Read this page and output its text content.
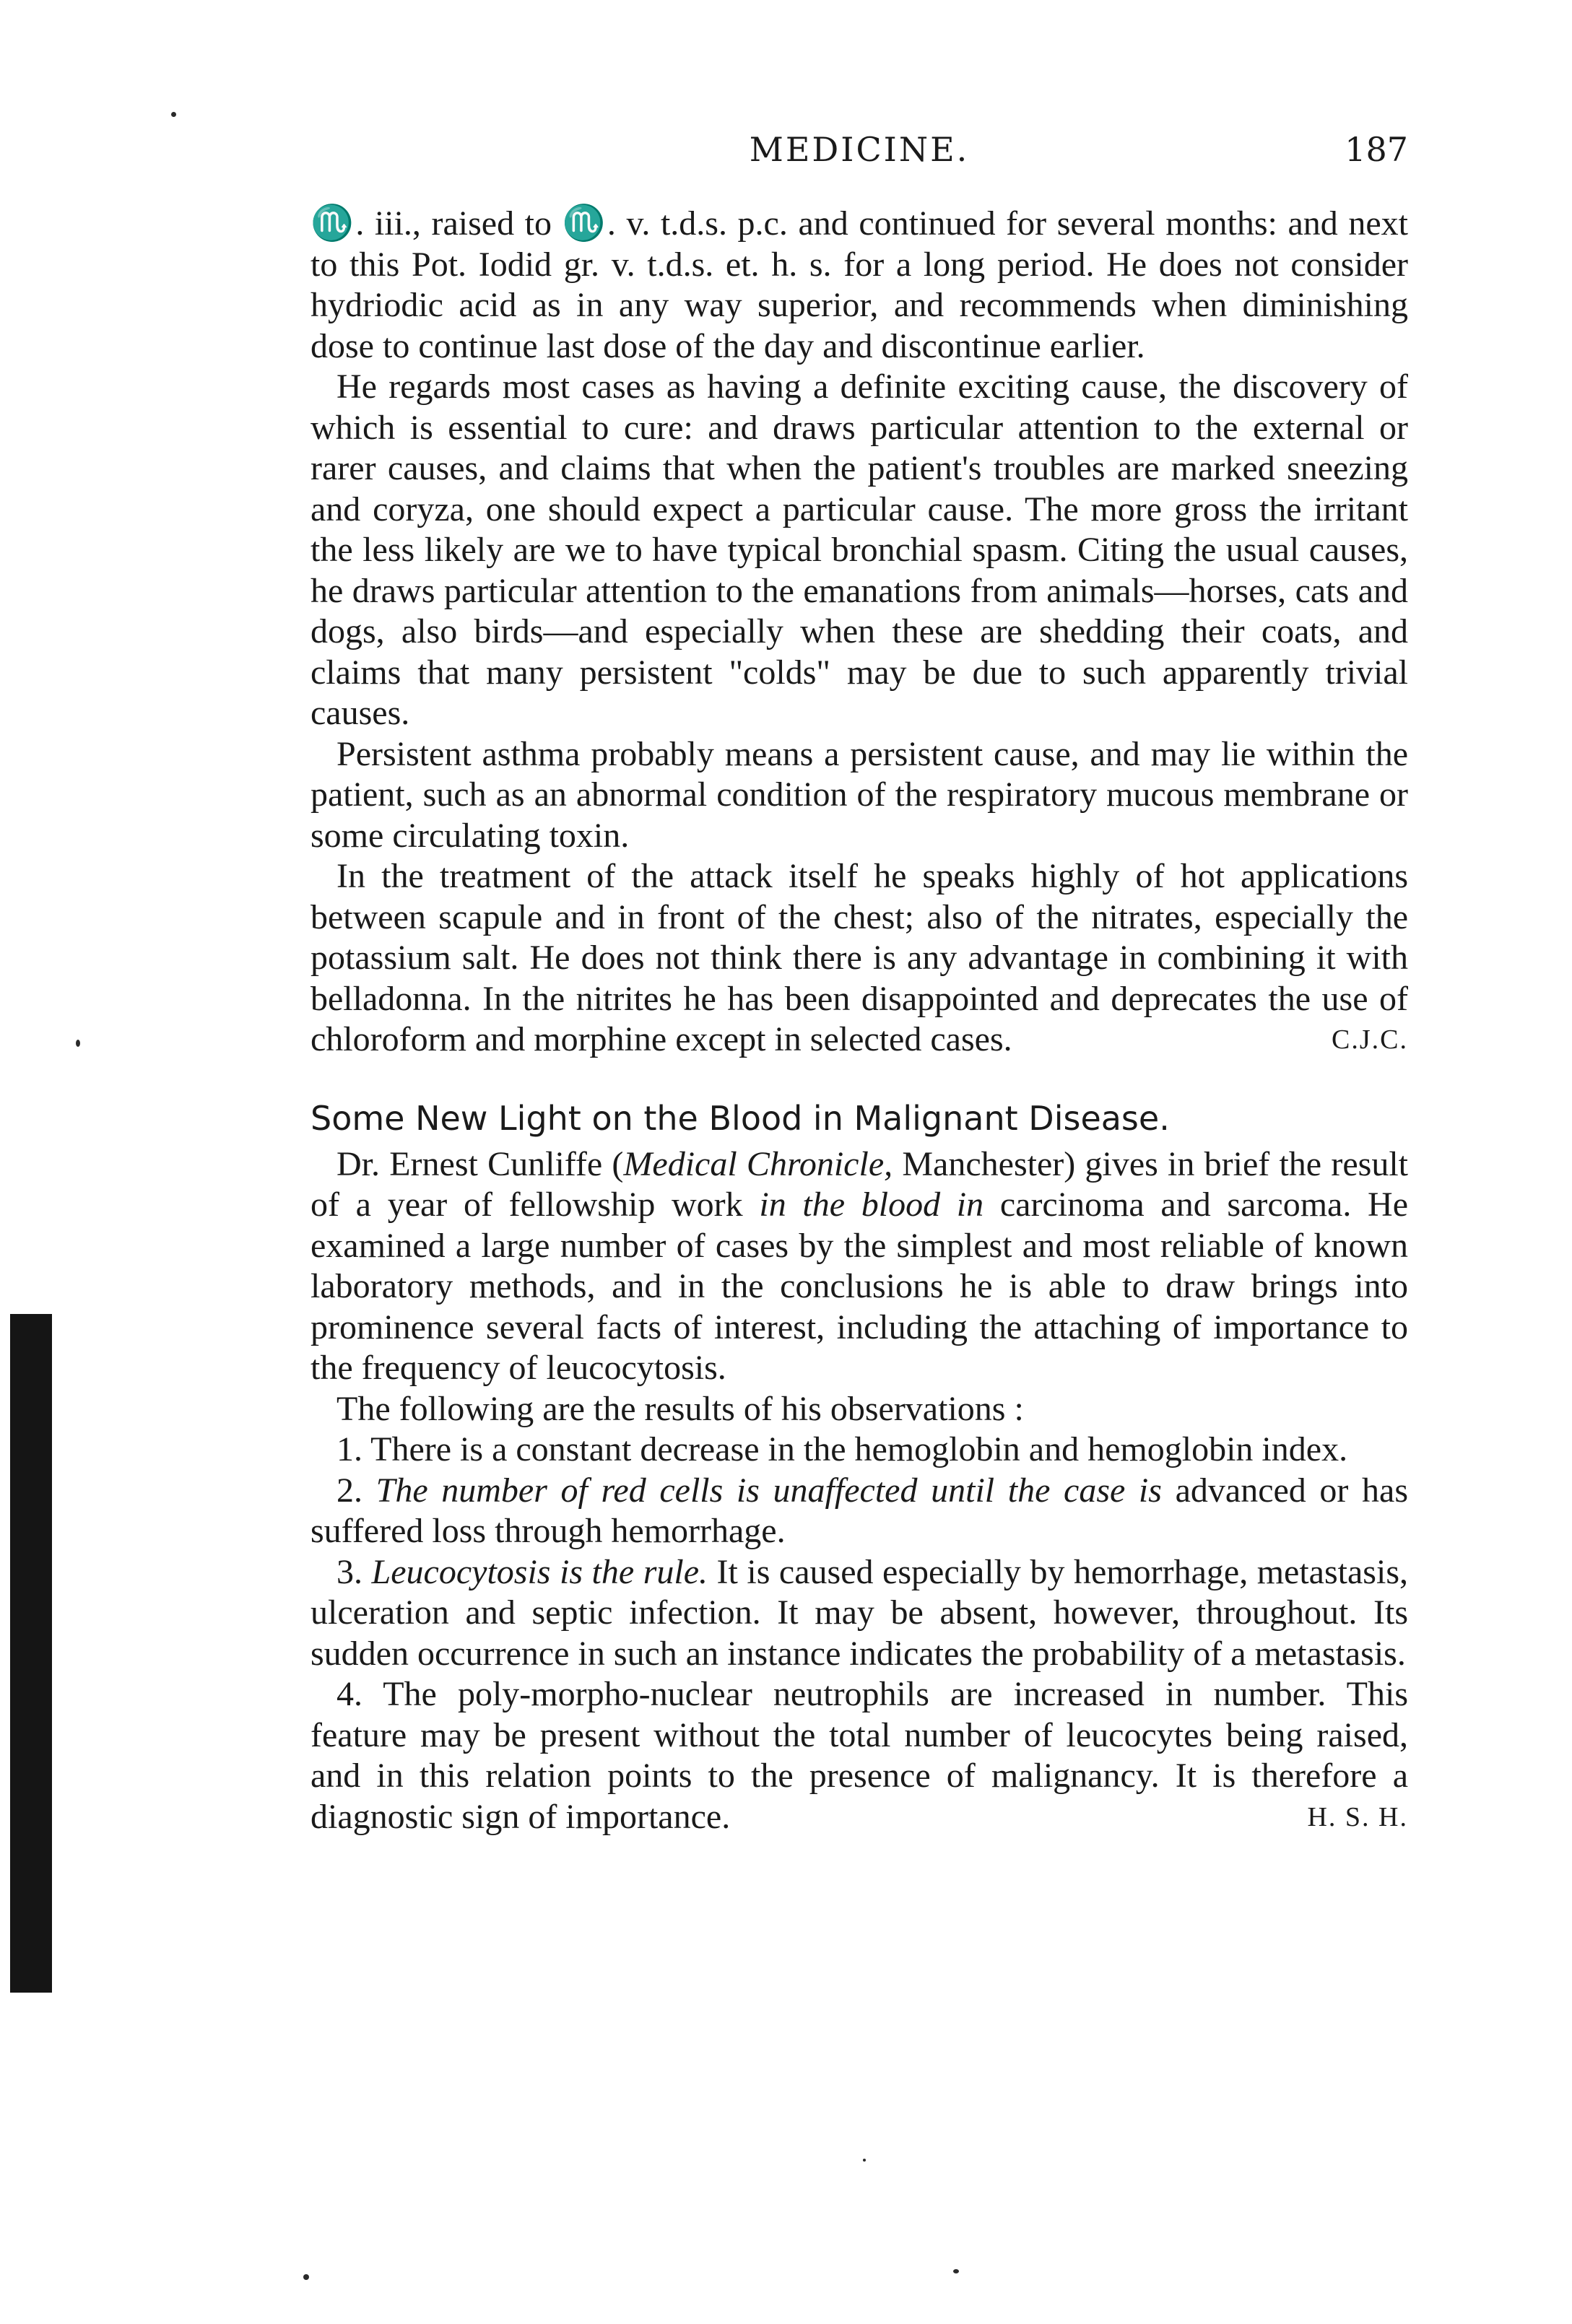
MEDICINE.	187

♏. iii., raised to ♏. v. t.d.s. p.c. and continued for several months: and next to this Pot. Iodid gr. v. t.d.s. et. h. s. for a long period. He does not consider hydriodic acid as in any way superior, and recommends when diminishing dose to continue last dose of the day and discontinue earlier.

He regards most cases as having a definite exciting cause, the discovery of which is essential to cure: and draws particular attention to the external or rarer causes, and claims that when the patient's troubles are marked sneezing and coryza, one should expect a particular cause. The more gross the irritant the less likely are we to have typical bronchial spasm. Citing the usual causes, he draws particular attention to the emanations from animals—horses, cats and dogs, also birds—and especially when these are shedding their coats, and claims that many persistent "colds" may be due to such apparently trivial causes.

Persistent asthma probably means a persistent cause, and may lie within the patient, such as an abnormal condition of the respiratory mucous membrane or some circulating toxin.

In the treatment of the attack itself he speaks highly of hot applications between scapule and in front of the chest; also of the nitrates, especially the potassium salt. He does not think there is any advantage in combining it with belladonna. In the nitrites he has been disappointed and deprecates the use of chloroform and morphine except in selected cases.	C.J.C.

Some New Light on the Blood in Malignant Disease.

Dr. Ernest Cunliffe (Medical Chronicle, Manchester) gives in brief the result of a year of fellowship work in the blood in carcinoma and sarcoma. He examined a large number of cases by the simplest and most reliable of known laboratory methods, and in the conclusions he is able to draw brings into prominence several facts of interest, including the attaching of importance to the frequency of leucocytosis.

The following are the results of his observations :

1. There is a constant decrease in the hemoglobin and hemoglobin index.

2. The number of red cells is unaffected until the case is advanced or has suffered loss through hemorrhage.

3. Leucocytosis is the rule. It is caused especially by hemorrhage, metastasis, ulceration and septic infection. It may be absent, however, throughout. Its sudden occurrence in such an instance indicates the probability of a metastasis.

4. The poly-morpho-nuclear neutrophils are increased in number. This feature may be present without the total number of leucocytes being raised, and in this relation points to the presence of malignancy. It is therefore a diagnostic sign of importance.	H. S. H.
